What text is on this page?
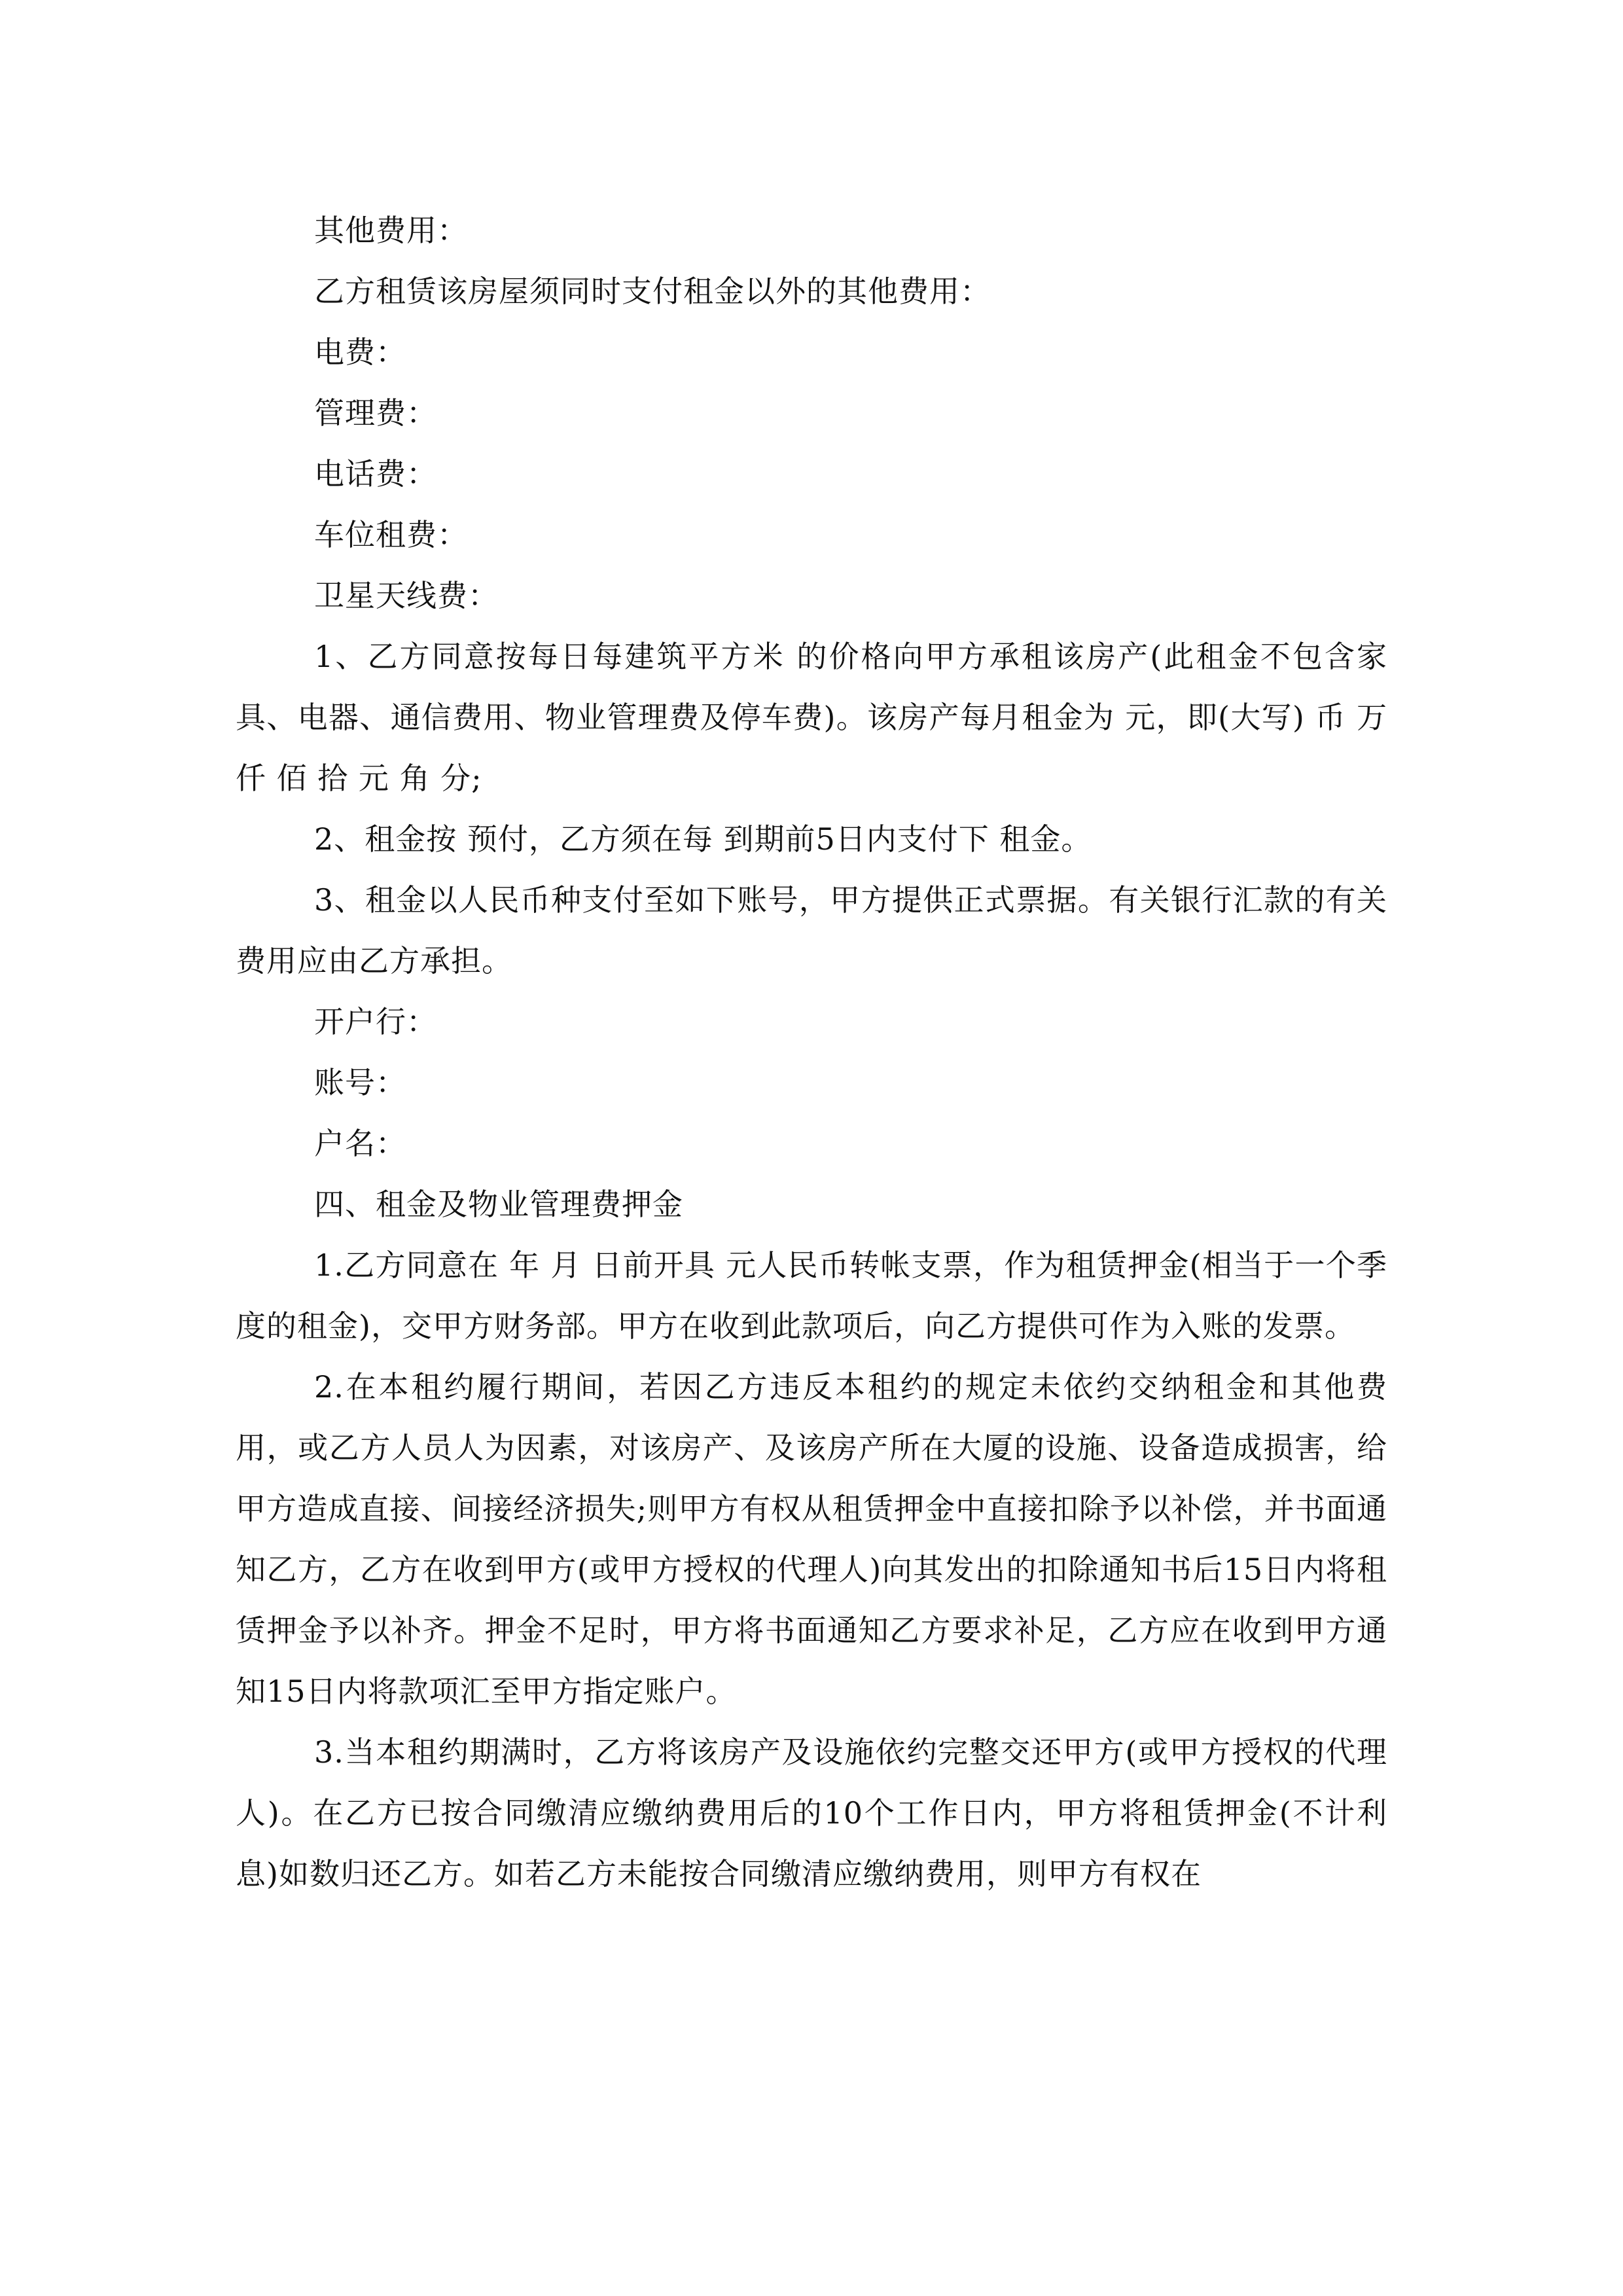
其他费用：

乙方租赁该房屋须同时支付租金以外的其他费用：

电费：

管理费：

电话费：

车位租费：

卫星天线费：

1、乙方同意按每日每建筑平方米 的价格向甲方承租该房产(此租金不包含家具、电器、通信费用、物业管理费及停车费)。该房产每月租金为 元，即(大写) 币 万 仟 佰 拾 元 角 分;

2、租金按 预付，乙方须在每 到期前5日内支付下 租金。

3、租金以人民币种支付至如下账号，甲方提供正式票据。有关银行汇款的有关费用应由乙方承担。

开户行：

账号：

户名：

四、租金及物业管理费押金

1.乙方同意在 年 月 日前开具 元人民币转帐支票，作为租赁押金(相当于一个季度的租金)，交甲方财务部。甲方在收到此款项后，向乙方提供可作为入账的发票。

2.在本租约履行期间，若因乙方违反本租约的规定未依约交纳租金和其他费用，或乙方人员人为因素，对该房产、及该房产所在大厦的设施、设备造成损害，给甲方造成直接、间接经济损失;则甲方有权从租赁押金中直接扣除予以补偿，并书面通知乙方，乙方在收到甲方(或甲方授权的代理人)向其发出的扣除通知书后15日内将租赁押金予以补齐。押金不足时，甲方将书面通知乙方要求补足，乙方应在收到甲方通知15日内将款项汇至甲方指定账户。

3.当本租约期满时，乙方将该房产及设施依约完整交还甲方(或甲方授权的代理人)。在乙方已按合同缴清应缴纳费用后的10个工作日内，甲方将租赁押金(不计利息)如数归还乙方。如若乙方未能按合同缴清应缴纳费用，则甲方有权在
